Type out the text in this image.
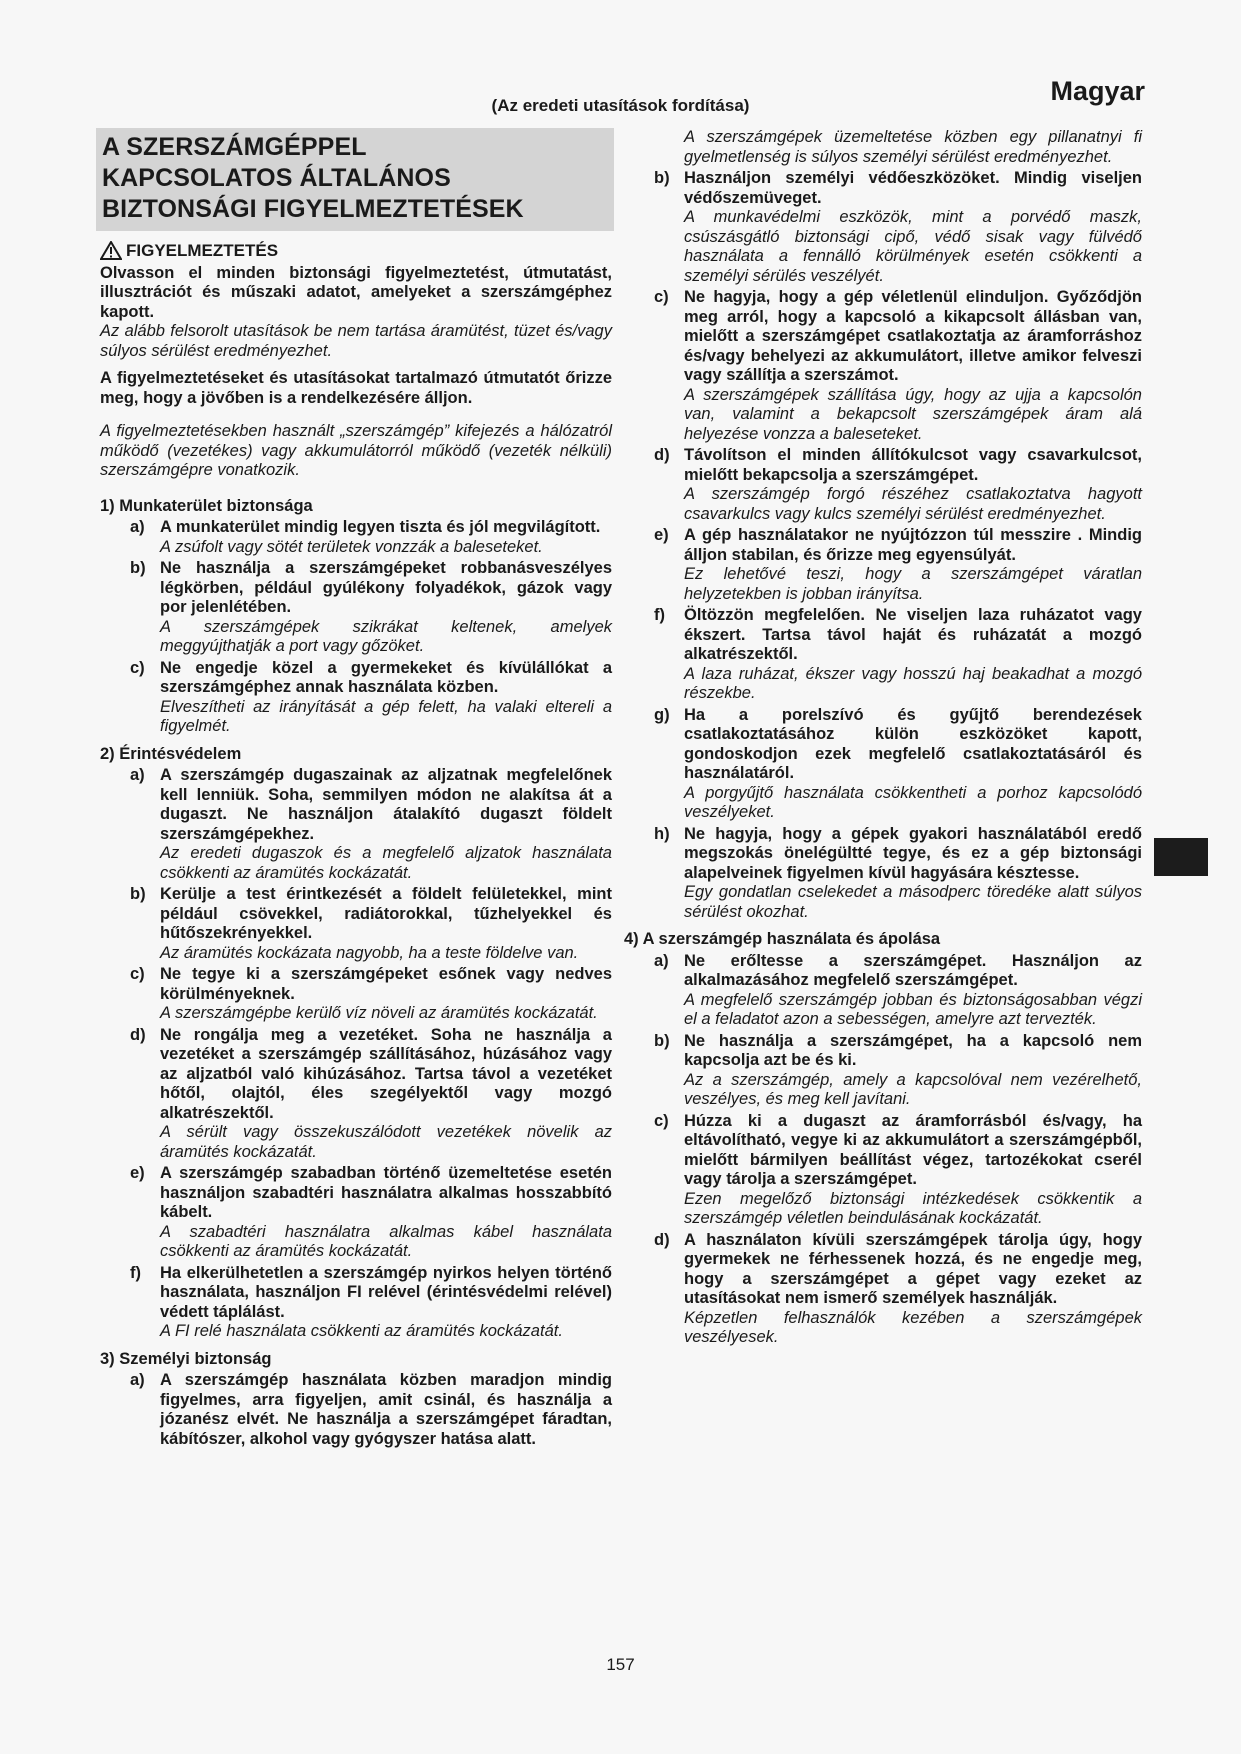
Magyar
(Az eredeti utasítások fordítása)
A SZERSZÁMGÉPPEL
KAPCSOLATOS ÁLTALÁNOS
BIZTONSÁGI FIGYELMEZTETÉSEK
FIGYELMEZTETÉS
Olvasson el minden biztonsági figyelmeztetést, útmutatást, illusztrációt és műszaki adatot, amelyeket a szerszámgéphez kapott.
Az alább felsorolt utasítások be nem tartása áramütést, tüzet és/vagy súlyos sérülést eredményezhet.
A figyelmeztetéseket és utasításokat tartalmazó útmutatót őrizze meg, hogy a jövőben is a rendelkezésére álljon.
A figyelmeztetésekben használt „szerszámgép” kifejezés a hálózatról működő (vezetékes) vagy akkumulátorról működő (vezeték nélküli) szerszámgépre vonatkozik.
1) Munkaterület biztonsága
a) A munkaterület mindig legyen tiszta és jól megvilágított.
A zsúfolt vagy sötét területek vonzzák a baleseteket.
b) Ne használja a szerszámgépeket robbanásveszélyes légkörben, például gyúlékony folyadékok, gázok vagy por jelenlétében.
A szerszámgépek szikrákat keltenek, amelyek meggyújthatják a port vagy gőzöket.
c) Ne engedje közel a gyermekeket és kívülállókat a szerszámgéphez annak használata közben.
Elveszítheti az irányítását a gép felett, ha valaki eltereli a figyelmét.
2) Érintésvédelem
a) A szerszámgép dugaszainak az aljzatnak megfelelőnek kell lenniük. Soha, semmilyen módon ne alakítsa át a dugaszt. Ne használjon átalakító dugaszt földelt szerszámgépekhez.
Az eredeti dugaszok és a megfelelő aljzatok használata csökkenti az áramütés kockázatát.
b) Kerülje a test érintkezését a földelt felületekkel, mint például csövekkel, radiátorokkal, tűzhelyekkel és hűtőszekrényekkel.
Az áramütés kockázata nagyobb, ha a teste földelve van.
c) Ne tegye ki a szerszámgépeket esőnek vagy nedves körülményeknek.
A szerszámgépbe kerülő víz növeli az áramütés kockázatát.
d) Ne rongálja meg a vezetéket. Soha ne használja a vezetéket a szerszámgép szállításához, húzásához vagy az aljzatból való kihúzásához. Tartsa távol a vezetéket hőtől, olajtól, éles szegélyektől vagy mozgó alkatrészektől.
A sérült vagy összekuszálódott vezetékek növelik az áramütés kockázatát.
e) A szerszámgép szabadban történő üzemeltetése esetén használjon szabadtéri használatra alkalmas hosszabbító kábelt.
A szabadtéri használatra alkalmas kábel használata csökkenti az áramütés kockázatát.
f)	Ha elkerülhetetlen a szerszámgép nyirkos helyen történő használata, használjon FI relével (érintésvédelmi relével) védett táplálást.
A FI relé használata csökkenti az áramütés kockázatát.
3) Személyi biztonság
a) A szerszámgép használata közben maradjon mindig figyelmes, arra figyeljen, amit csinál, és használja a józanész elvét. Ne használja a szerszámgépet fáradtan, kábítószer, alkohol vagy gyógyszer hatása alatt.
A szerszámgépek üzemeltetése közben egy pillanatnyi fi gyelmetlenség is súlyos személyi sérülést eredményezhet.
b) Használjon személyi védőeszközöket. Mindig viseljen védőszemüveget.
A munkavédelmi eszközök, mint a porvédő maszk, csúszásgátló biztonsági cipő, védő sisak vagy fülvédő használata a fennálló körülmények esetén csökkenti a személyi sérülés veszélyét.
c) Ne hagyja, hogy a gép véletlenül elinduljon. Győződjön meg arról, hogy a kapcsoló a kikapcsolt állásban van, mielőtt a szerszámgépet csatlakoztatja az áramforráshoz és/vagy behelyezi az akkumulátort, illetve amikor felveszi vagy szállítja a szerszámot.
A szerszámgépek szállítása úgy, hogy az ujja a kapcsolón van, valamint a bekapcsolt szerszámgépek áram alá helyezése vonzza a baleseteket.
d) Távolítson el minden állítókulcsot vagy csavarkulcsot, mielőtt bekapcsolja a szerszámgépet.
A szerszámgép forgó részéhez csatlakoztatva hagyott csavarkulcs vagy kulcs személyi sérülést eredményezhet.
e) A gép használatakor ne nyújtózzon túl messzire . Mindig álljon stabilan, és őrizze meg egyensúlyát.
Ez lehetővé teszi, hogy a szerszámgépet váratlan helyzetekben is jobban irányítsa.
f)	Öltözzön megfelelően. Ne viseljen laza ruházatot vagy ékszert. Tartsa távol haját és ruházatát a mozgó alkatrészektől.
A laza ruházat, ékszer vagy hosszú haj beakadhat a mozgó részekbe.
g) Ha a porelszívó és gyűjtő berendezések csatlakoztatásához külön eszközöket kapott, gondoskodjon ezek megfelelő csatlakoztatásáról és használatáról.
A porgyűjtő használata csökkentheti a porhoz kapcsolódó veszélyeket.
h) Ne hagyja, hogy a gépek gyakori használatából eredő megszokás önelégültté tegye, és ez a gép biztonsági alapelveinek figyelmen kívül hagyására késztesse.
Egy gondatlan cselekedet a másodperc töredéke alatt súlyos sérülést okozhat.
4) A szerszámgép használata és ápolása
a) Ne erőltesse a szerszámgépet. Használjon az alkalmazásához megfelelő szerszámgépet.
A megfelelő szerszámgép jobban és biztonságosabban végzi el a feladatot azon a sebességen, amelyre azt tervezték.
b) Ne használja a szerszámgépet, ha a kapcsoló nem kapcsolja azt be és ki.
Az a szerszámgép, amely a kapcsolóval nem vezérelhető, veszélyes, és meg kell javítani.
c) Húzza ki a dugaszt az áramforrásból és/vagy, ha eltávolítható, vegye ki az akkumulátort a szerszámgépből, mielőtt bármilyen beállítást végez, tartozékokat cserél vagy tárolja a szerszámgépet.
Ezen megelőző biztonsági intézkedések csökkentik a szerszámgép véletlen beindulásának kockázatát.
d) A használaton kívüli szerszámgépek tárolja úgy, hogy gyermekek ne férhessenek hozzá, és ne engedje meg, hogy a szerszámgépet a gépet vagy ezeket az utasításokat nem ismerő személyek használják.
Képzetlen felhasználók kezében a szerszámgépek veszélyesek.
157
